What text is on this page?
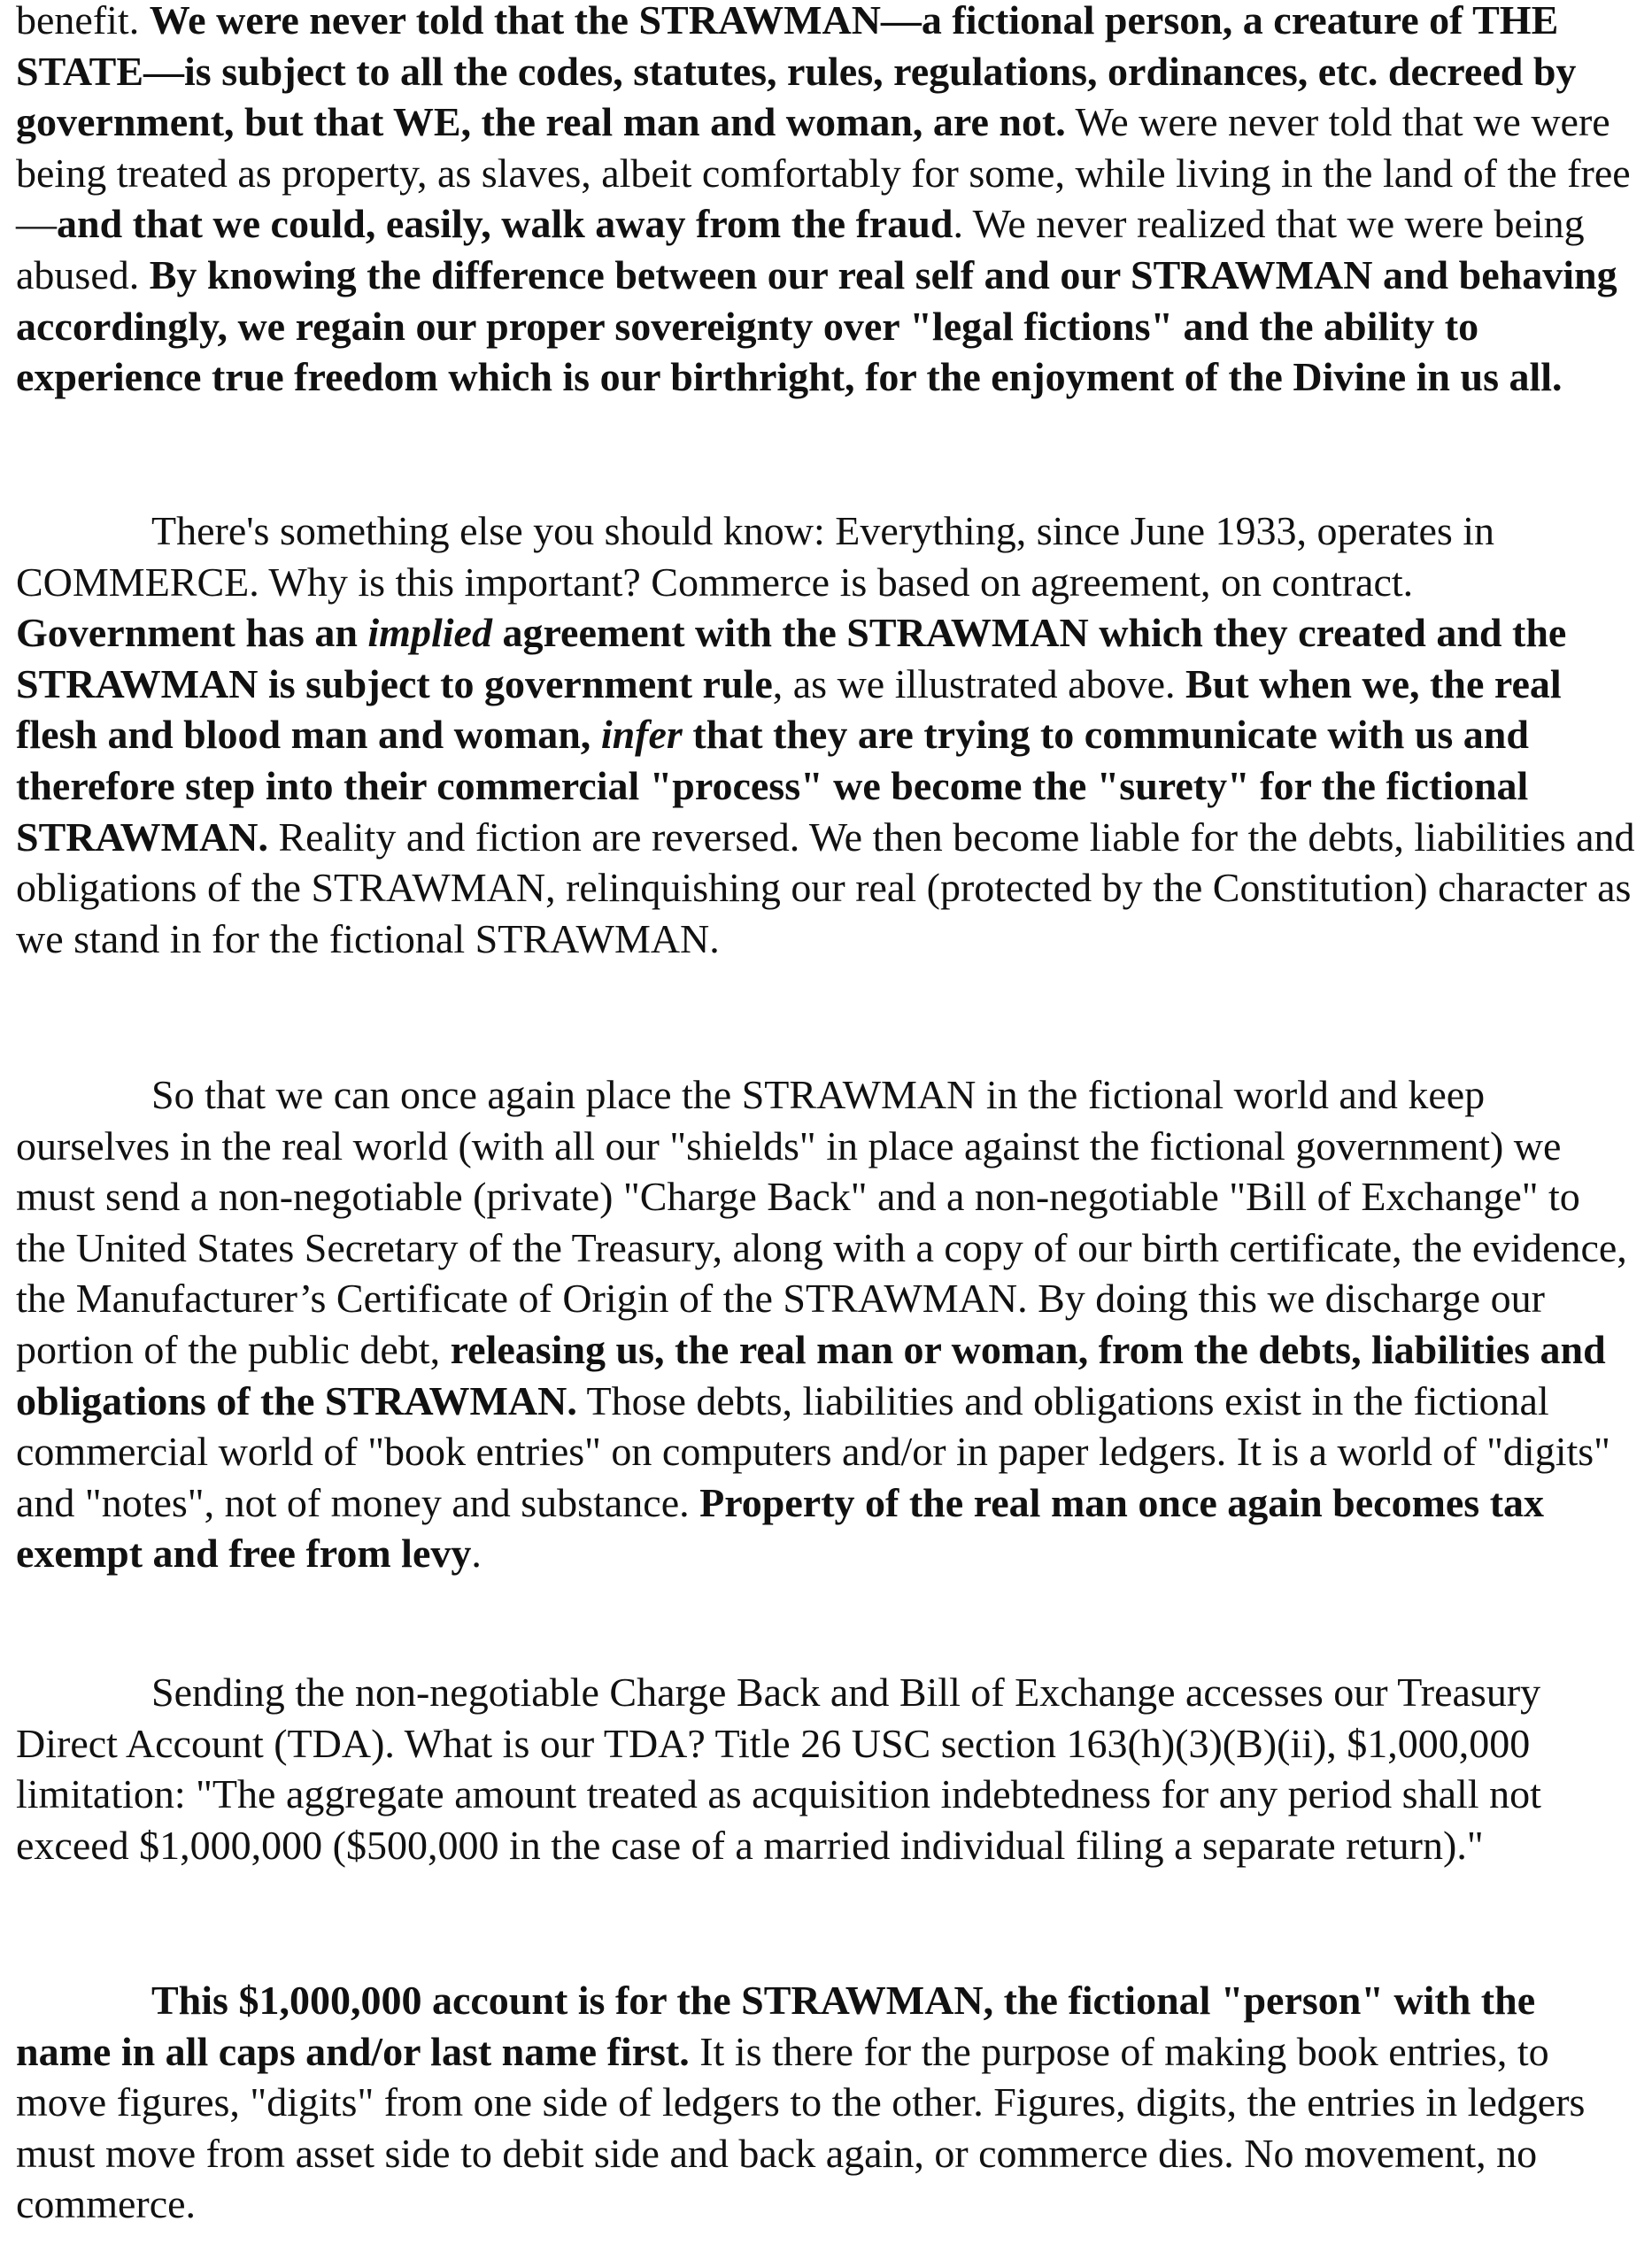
benefit. We were never told that the STRAWMAN—a fictional person, a creature of THE STATE—is subject to all the codes, statutes, rules, regulations, ordinances, etc. decreed by government, but that WE, the real man and woman, are not. We were never told that we were being treated as property, as slaves, albeit comfortably for some, while living in the land of the free—and that we could, easily, walk away from the fraud. We never realized that we were being abused. By knowing the difference between our real self and our STRAWMAN and behaving accordingly, we regain our proper sovereignty over "legal fictions" and the ability to experience true freedom which is our birthright, for the enjoyment of the Divine in us all.

There's something else you should know: Everything, since June 1933, operates in COMMERCE. Why is this important? Commerce is based on agreement, on contract. Government has an implied agreement with the STRAWMAN which they created and the STRAWMAN is subject to government rule, as we illustrated above. But when we, the real flesh and blood man and woman, infer that they are trying to communicate with us and therefore step into their commercial "process" we become the "surety" for the fictional STRAWMAN. Reality and fiction are reversed. We then become liable for the debts, liabilities and obligations of the STRAWMAN, relinquishing our real (protected by the Constitution) character as we stand in for the fictional STRAWMAN.

So that we can once again place the STRAWMAN in the fictional world and keep ourselves in the real world (with all our "shields" in place against the fictional government) we must send a non-negotiable (private) "Charge Back" and a non-negotiable "Bill of Exchange" to the United States Secretary of the Treasury, along with a copy of our birth certificate, the evidence, the Manufacturer’s Certificate of Origin of the STRAWMAN. By doing this we discharge our portion of the public debt, releasing us, the real man or woman, from the debts, liabilities and obligations of the STRAWMAN. Those debts, liabilities and obligations exist in the fictional commercial world of "book entries" on computers and/or in paper ledgers. It is a world of "digits" and "notes", not of money and substance. Property of the real man once again becomes tax exempt and free from levy.

Sending the non-negotiable Charge Back and Bill of Exchange accesses our Treasury Direct Account (TDA). What is our TDA? Title 26 USC section 163(h)(3)(B)(ii), $1,000,000 limitation: "The aggregate amount treated as acquisition indebtedness for any period shall not exceed $1,000,000 ($500,000 in the case of a married individual filing a separate return)."

This $1,000,000 account is for the STRAWMAN, the fictional "person" with the name in all caps and/or last name first. It is there for the purpose of making book entries, to move figures, "digits" from one side of ledgers to the other. Figures, digits, the entries in ledgers must move from asset side to debit side and back again, or commerce dies. No movement, no commerce.
